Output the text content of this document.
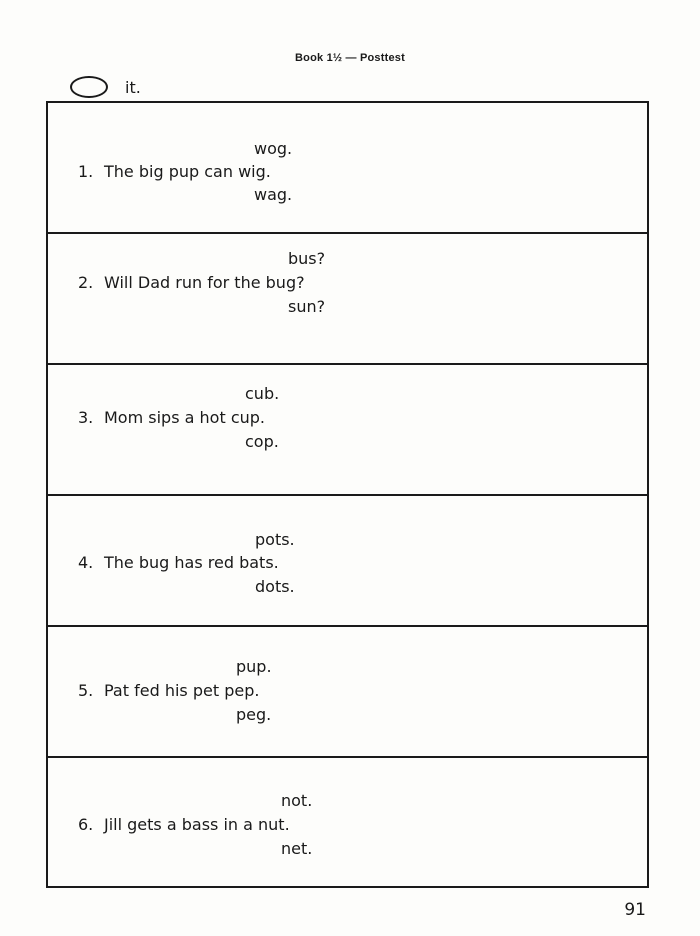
Book 1½ — Posttest
it.
wog.
1. The big pup can wig.
wag.
bus?
2. Will Dad run for the bug?
sun?
cub.
3. Mom sips a hot cup.
cop.
pots.
4. The bug has red bats.
dots.
pup.
5. Pat fed his pet pep.
peg.
not.
6. Jill gets a bass in a nut.
net.
91
